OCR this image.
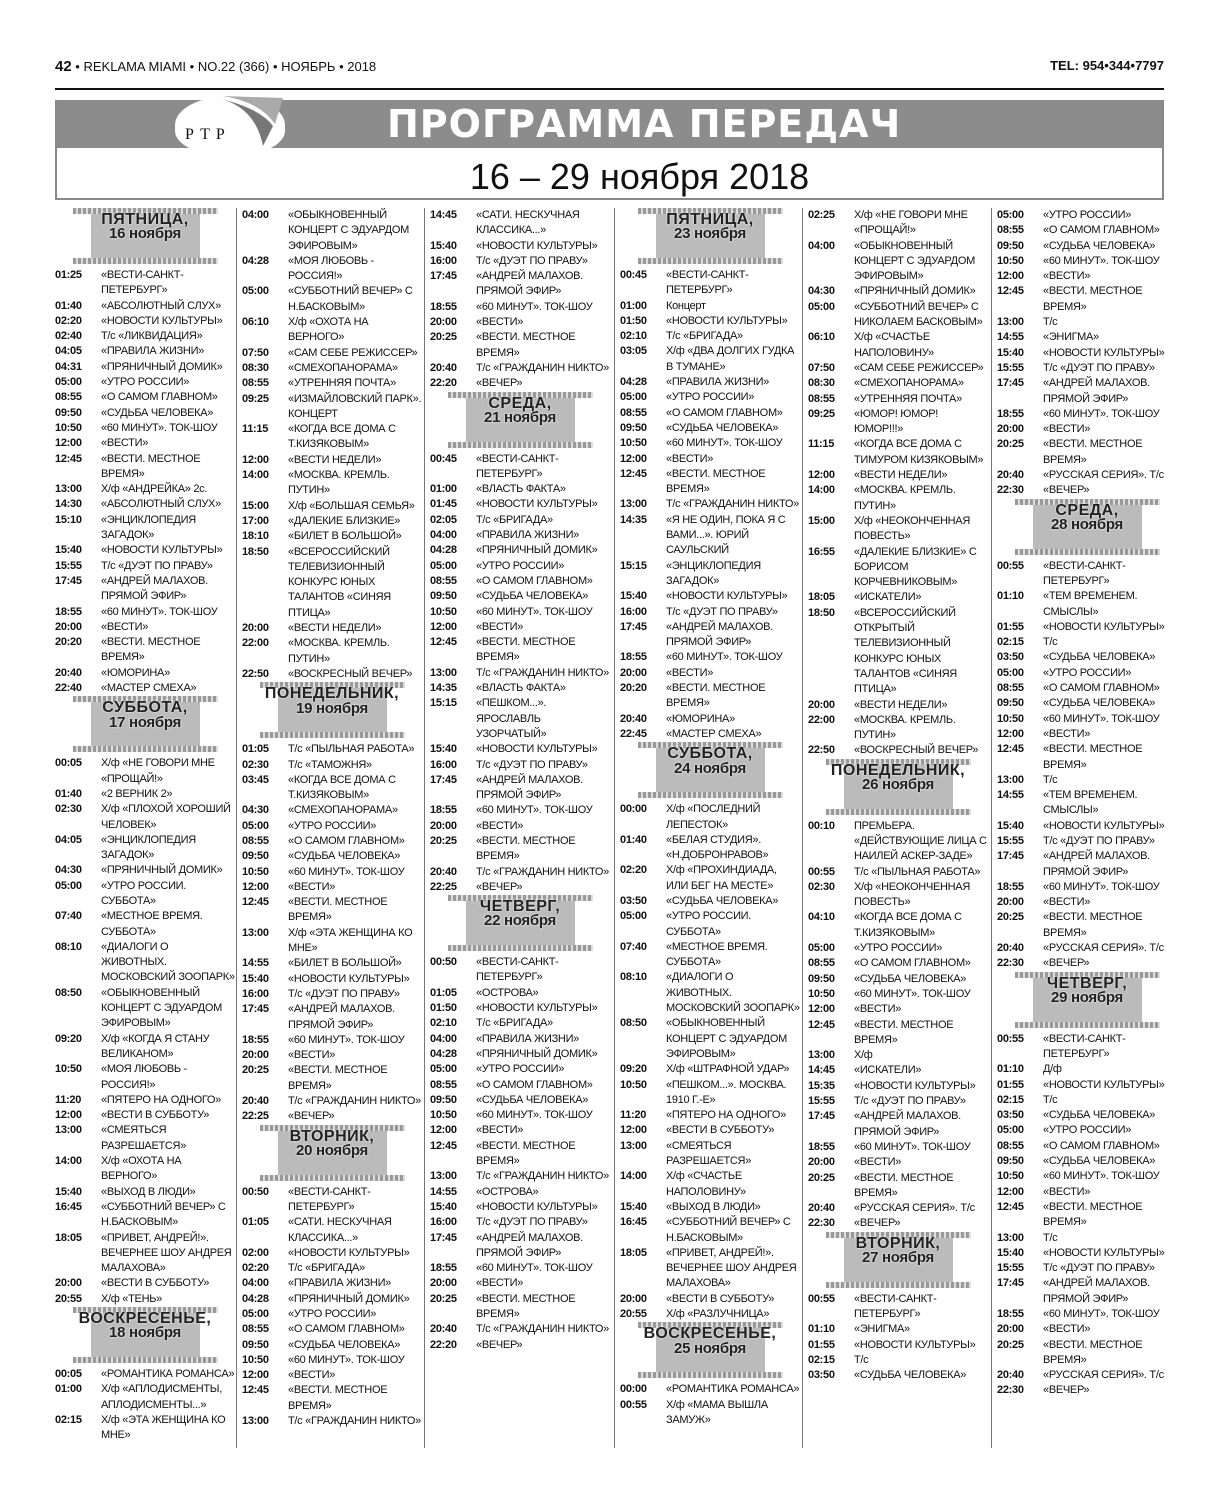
42 • REKLAMA MIAMI • NO.22 (366) • НОЯБРЬ • 2018	TEL: 954•344•7797
РТР	ПРОГРАММА ПЕРЕДАЧ
16 – 29 ноября 2018
ПЯТНИЦА,
16 ноября
01:25	«ВЕСТИ-САНКТ-ПЕТЕРБУРГ»
01:40	«АБСОЛЮТНЫЙ СЛУХ»
02:20	«НОВОСТИ КУЛЬТУРЫ»
02:40	Т/с «ЛИКВИДАЦИЯ»
04:05	«ПРАВИЛА ЖИЗНИ»
04:31	«ПРЯНИЧНЫЙ ДОМИК»
05:00	«УТРО РОССИИ»
08:55	«О САМОМ ГЛАВНОМ»
09:50	«СУДЬБА ЧЕЛОВЕКА»
10:50	«60 МИНУТ». ТОК-ШОУ
12:00	«ВЕСТИ»
12:45	«ВЕСТИ. МЕСТНОЕ ВРЕМЯ»
13:00	Х/ф «АНДРЕЙКА» 2с.
14:30	«АБСОЛЮТНЫЙ СЛУХ»
15:10	«ЭНЦИКЛОПЕДИЯ ЗАГАДОК»
15:40	«НОВОСТИ КУЛЬТУРЫ»
15:55	Т/с «ДУЭТ ПО ПРАВУ»
17:45	«АНДРЕЙ МАЛАХОВ. ПРЯМОЙ ЭФИР»
18:55	«60 МИНУТ». ТОК-ШОУ
20:00	«ВЕСТИ»
20:20	«ВЕСТИ. МЕСТНОЕ ВРЕМЯ»
20:40	«ЮМОРИНА»
22:40	«МАСТЕР СМЕХА»
СУББОТА,
17 ноября
00:05	Х/ф «НЕ ГОВОРИ МНЕ «ПРОЩАЙ!»
01:40	«2 ВЕРНИК 2»
02:30	Х/ф «ПЛОХОЙ ХОРОШИЙ ЧЕЛОВЕК»
04:05	«ЭНЦИКЛОПЕДИЯ ЗАГАДОК»
04:30	«ПРЯНИЧНЫЙ ДОМИК»
05:00	«УТРО РОССИИ. СУББОТА»
07:40	«МЕСТНОЕ ВРЕМЯ. СУББОТА»
08:10	«ДИАЛОГИ О ЖИВОТНЫХ. МОСКОВСКИЙ ЗООПАРК»
08:50	«ОБЫКНОВЕННЫЙ КОНЦЕРТ С ЭДУАРДОМ ЭФИРОВЫМ»
09:20	Х/ф «КОГДА Я СТАНУ ВЕЛИКАНОМ»
10:50	«МОЯ ЛЮБОВЬ - РОССИЯ!»
11:20	«ПЯТЕРО НА ОДНОГО»
12:00	«ВЕСТИ В СУББОТУ»
13:00	«СМЕЯТЬСЯ РАЗРЕШАЕТСЯ»
14:00	Х/ф «ОХОТА НА ВЕРНОГО»
15:40	«ВЫХОД В ЛЮДИ»
16:45	«СУББОТНИЙ ВЕЧЕР» С Н.БАСКОВЫМ»
18:05	«ПРИВЕТ, АНДРЕЙ!». ВЕЧЕРНЕЕ ШОУ АНДРЕЯ МАЛАХОВА»
20:00	«ВЕСТИ В СУББОТУ»
20:55	Х/ф «ТЕНЬ»
ВОСКРЕСЕНЬЕ,
18 ноября
00:05	«РОМАНТИКА РОМАНСА»
01:00	Х/ф «АПЛОДИСМЕНТЫ, АПЛОДИСМЕНТЫ...»
02:15	Х/ф «ЭТА ЖЕНЩИНА КО МНЕ»
04:00	«ОБЫКНОВЕННЫЙ КОНЦЕРТ С ЭДУАРДОМ ЭФИРОВЫМ»
04:28	«МОЯ ЛЮБОВЬ - РОССИЯ!»
05:00	«СУББОТНИЙ ВЕЧЕР» С Н.БАСКОВЫМ»
06:10	Х/ф «ОХОТА НА ВЕРНОГО»
07:50	«САМ СЕБЕ РЕЖИССЕР»
08:30	«СМЕХОПАНОРАМА»
08:55	«УТРЕННЯЯ ПОЧТА»
09:25	«ИЗМАЙЛОВСКИЙ ПАРК». КОНЦЕРТ
11:15	«КОГДА ВСЕ ДОМА С Т.КИЗЯКОВЫМ»
12:00	«ВЕСТИ НЕДЕЛИ»
14:00	«МОСКВА. КРЕМЛЬ. ПУТИН»
15:00	Х/ф «БОЛЬШАЯ СЕМЬЯ»
17:00	«ДАЛЕКИЕ БЛИЗКИЕ»
18:10	«БИЛЕТ В БОЛЬШОЙ»
18:50	«ВСЕРОССИЙСКИЙ ТЕЛЕВИЗИОННЫЙ КОНКУРС ЮНЫХ ТАЛАНТОВ «СИНЯЯ ПТИЦА»
20:00	«ВЕСТИ НЕДЕЛИ»
22:00	«МОСКВА. КРЕМЛЬ. ПУТИН»
22:50	«ВОСКРЕСНЫЙ ВЕЧЕР»
ПОНЕДЕЛЬНИК,
19 ноября
01:05	Т/с «ПЫЛЬНАЯ РАБОТА»
02:30	Т/с «ТАМОЖНЯ»
03:45	«КОГДА ВСЕ ДОМА С Т.КИЗЯКОВЫМ»
04:30	«СМЕХОПАНОРАМА»
05:00	«УТРО РОССИИ»
08:55	«О САМОМ ГЛАВНОМ»
09:50	«СУДЬБА ЧЕЛОВЕКА»
10:50	«60 МИНУТ». ТОК-ШОУ
12:00	«ВЕСТИ»
12:45	«ВЕСТИ. МЕСТНОЕ ВРЕМЯ»
13:00	Х/ф «ЭТА ЖЕНЩИНА КО МНЕ»
14:55	«БИЛЕТ В БОЛЬШОЙ»
15:40	«НОВОСТИ КУЛЬТУРЫ»
16:00	Т/с «ДУЭТ ПО ПРАВУ»
17:45	«АНДРЕЙ МАЛАХОВ. ПРЯМОЙ ЭФИР»
18:55	«60 МИНУТ». ТОК-ШОУ
20:00	«ВЕСТИ»
20:25	«ВЕСТИ. МЕСТНОЕ ВРЕМЯ»
20:40	Т/с «ГРАЖДАНИН НИКТО»
22:25	«ВЕЧЕР»
ВТОРНИК,
20 ноября
00:50	«ВЕСТИ-САНКТ-ПЕТЕРБУРГ»
01:05	«САТИ. НЕСКУЧНАЯ КЛАССИКА...»
02:00	«НОВОСТИ КУЛЬТУРЫ»
02:20	Т/с «БРИГАДА»
04:00	«ПРАВИЛА ЖИЗНИ»
04:28	«ПРЯНИЧНЫЙ ДОМИК»
05:00	«УТРО РОССИИ»
08:55	«О САМОМ ГЛАВНОМ»
09:50	«СУДЬБА ЧЕЛОВЕКА»
10:50	«60 МИНУТ». ТОК-ШОУ
12:00	«ВЕСТИ»
12:45	«ВЕСТИ. МЕСТНОЕ ВРЕМЯ»
13:00	Т/с «ГРАЖДАНИН НИКТО»
14:45	«САТИ. НЕСКУЧНАЯ КЛАССИКА...»
15:40	«НОВОСТИ КУЛЬТУРЫ»
16:00	Т/с «ДУЭТ ПО ПРАВУ»
17:45	«АНДРЕЙ МАЛАХОВ. ПРЯМОЙ ЭФИР»
18:55	«60 МИНУТ». ТОК-ШОУ
20:00	«ВЕСТИ»
20:25	«ВЕСТИ. МЕСТНОЕ ВРЕМЯ»
20:40	Т/с «ГРАЖДАНИН НИКТО»
22:20	«ВЕЧЕР»
СРЕДА,
21 ноября
00:45	«ВЕСТИ-САНКТ-ПЕТЕРБУРГ»
01:00	«ВЛАСТЬ ФАКТА»
01:45	«НОВОСТИ КУЛЬТУРЫ»
02:05	Т/с «БРИГАДА»
04:00	«ПРАВИЛА ЖИЗНИ»
04:28	«ПРЯНИЧНЫЙ ДОМИК»
05:00	«УТРО РОССИИ»
08:55	«О САМОМ ГЛАВНОМ»
09:50	«СУДЬБА ЧЕЛОВЕКА»
10:50	«60 МИНУТ». ТОК-ШОУ
12:00	«ВЕСТИ»
12:45	«ВЕСТИ. МЕСТНОЕ ВРЕМЯ»
13:00	Т/с «ГРАЖДАНИН НИКТО»
14:35	«ВЛАСТЬ ФАКТА»
15:15	«ПЕШКОМ...». ЯРОСЛАВЛЬ УЗОРЧАТЫЙ»
15:40	«НОВОСТИ КУЛЬТУРЫ»
16:00	Т/с «ДУЭТ ПО ПРАВУ»
17:45	«АНДРЕЙ МАЛАХОВ. ПРЯМОЙ ЭФИР»
18:55	«60 МИНУТ». ТОК-ШОУ
20:00	«ВЕСТИ»
20:25	«ВЕСТИ. МЕСТНОЕ ВРЕМЯ»
20:40	Т/с «ГРАЖДАНИН НИКТО»
22:25	«ВЕЧЕР»
ЧЕТВЕРГ,
22 ноября
00:50	«ВЕСТИ-САНКТ-ПЕТЕРБУРГ»
01:05	«ОСТРОВА»
01:50	«НОВОСТИ КУЛЬТУРЫ»
02:10	Т/с «БРИГАДА»
04:00	«ПРАВИЛА ЖИЗНИ»
04:28	«ПРЯНИЧНЫЙ ДОМИК»
05:00	«УТРО РОССИИ»
08:55	«О САМОМ ГЛАВНОМ»
09:50	«СУДЬБА ЧЕЛОВЕКА»
10:50	«60 МИНУТ». ТОК-ШОУ
12:00	«ВЕСТИ»
12:45	«ВЕСТИ. МЕСТНОЕ ВРЕМЯ»
13:00	Т/с «ГРАЖДАНИН НИКТО»
14:55	«ОСТРОВА»
15:40	«НОВОСТИ КУЛЬТУРЫ»
16:00	Т/с «ДУЭТ ПО ПРАВУ»
17:45	«АНДРЕЙ МАЛАХОВ. ПРЯМОЙ ЭФИР»
18:55	«60 МИНУТ». ТОК-ШОУ
20:00	«ВЕСТИ»
20:25	«ВЕСТИ. МЕСТНОЕ ВРЕМЯ»
20:40	Т/с «ГРАЖДАНИН НИКТО»
22:20	«ВЕЧЕР»
ПЯТНИЦА,
23 ноября
00:45	«ВЕСТИ-САНКТ-ПЕТЕРБУРГ»
01:00	Концерт
01:50	«НОВОСТИ КУЛЬТУРЫ»
02:10	Т/с «БРИГАДА»
03:05	Х/ф «ДВА ДОЛГИХ ГУДКА В ТУМАНЕ»
04:28	«ПРАВИЛА ЖИЗНИ»
05:00	«УТРО РОССИИ»
08:55	«О САМОМ ГЛАВНОМ»
09:50	«СУДЬБА ЧЕЛОВЕКА»
10:50	«60 МИНУТ». ТОК-ШОУ
12:00	«ВЕСТИ»
12:45	«ВЕСТИ. МЕСТНОЕ ВРЕМЯ»
13:00	Т/с «ГРАЖДАНИН НИКТО»
14:35	«Я НЕ ОДИН, ПОКА Я С ВАМИ...». ЮРИЙ САУЛЬСКИЙ
15:15	«ЭНЦИКЛОПЕДИЯ ЗАГАДОК»
15:40	«НОВОСТИ КУЛЬТУРЫ»
16:00	Т/с «ДУЭТ ПО ПРАВУ»
17:45	«АНДРЕЙ МАЛАХОВ. ПРЯМОЙ ЭФИР»
18:55	«60 МИНУТ». ТОК-ШОУ
20:00	«ВЕСТИ»
20:20	«ВЕСТИ. МЕСТНОЕ ВРЕМЯ»
20:40	«ЮМОРИНА»
22:45	«МАСТЕР СМЕХА»
СУББОТА,
24 ноября
00:00	Х/ф «ПОСЛЕДНИЙ ЛЕПЕСТОК»
01:40	«БЕЛАЯ СТУДИЯ». «Н.ДОБРОНРАВОВ»
02:20	Х/ф «ПРОХИНДИАДА, ИЛИ БЕГ НА МЕСТЕ»
03:50	«СУДЬБА ЧЕЛОВЕКА»
05:00	«УТРО РОССИИ. СУББОТА»
07:40	«МЕСТНОЕ ВРЕМЯ. СУББОТА»
08:10	«ДИАЛОГИ О ЖИВОТНЫХ. МОСКОВСКИЙ ЗООПАРК»
08:50	«ОБЫКНОВЕННЫЙ КОНЦЕРТ С ЭДУАРДОМ ЭФИРОВЫМ»
09:20	Х/ф «ШТРАФНОЙ УДАР»
10:50	«ПЕШКОМ...». МОСКВА. 1910 Г.-Е»
11:20	«ПЯТЕРО НА ОДНОГО»
12:00	«ВЕСТИ В СУББОТУ»
13:00	«СМЕЯТЬСЯ РАЗРЕШАЕТСЯ»
14:00	Х/ф «СЧАСТЬЕ НАПОЛОВИНУ»
15:40	«ВЫХОД В ЛЮДИ»
16:45	«СУББОТНИЙ ВЕЧЕР» С Н.БАСКОВЫМ»
18:05	«ПРИВЕТ, АНДРЕЙ!». ВЕЧЕРНЕЕ ШОУ АНДРЕЯ МАЛАХОВА»
20:00	«ВЕСТИ В СУББОТУ»
20:55	Х/ф «РАЗЛУЧНИЦА»
ВОСКРЕСЕНЬЕ,
25 ноября
00:00	«РОМАНТИКА РОМАНСА»
00:55	Х/ф «МАМА ВЫШЛА ЗАМУЖ»
02:25	Х/ф «НЕ ГОВОРИ МНЕ «ПРОЩАЙ!»
04:00	«ОБЫКНОВЕННЫЙ КОНЦЕРТ С ЭДУАРДОМ ЭФИРОВЫМ»
04:30	«ПРЯНИЧНЫЙ ДОМИК»
05:00	«СУББОТНИЙ ВЕЧЕР» С НИКОЛАЕМ БАСКОВЫМ»
06:10	Х/ф «СЧАСТЬЕ НАПОЛОВИНУ»
07:50	«САМ СЕБЕ РЕЖИССЕР»
08:30	«СМЕХОПАНОРАМА»
08:55	«УТРЕННЯЯ ПОЧТА»
09:25	«ЮМОР! ЮМОР! ЮМОР!!!»
11:15	«КОГДА ВСЕ ДОМА С ТИМУРОМ КИЗЯКОВЫМ»
12:00	«ВЕСТИ НЕДЕЛИ»
14:00	«МОСКВА. КРЕМЛЬ. ПУТИН»
15:00	Х/ф «НЕОКОНЧЕННАЯ ПОВЕСТЬ»
16:55	«ДАЛЕКИЕ БЛИЗКИЕ» С БОРИСОМ КОРЧЕВНИКОВЫМ»
18:05	«ИСКАТЕЛИ»
18:50	«ВСЕРОССИЙСКИЙ ОТКРЫТЫЙ ТЕЛЕВИЗИОННЫЙ КОНКУРС ЮНЫХ ТАЛАНТОВ «СИНЯЯ ПТИЦА»
20:00	«ВЕСТИ НЕДЕЛИ»
22:00	«МОСКВА. КРЕМЛЬ. ПУТИН»
22:50	«ВОСКРЕСНЫЙ ВЕЧЕР»
ПОНЕДЕЛЬНИК,
26 ноября
00:10	ПРЕМЬЕРА. «ДЕЙСТВУЮЩИЕ ЛИЦА С НАИЛЕЙ АСКЕР-ЗАДЕ»
00:55	Т/с «ПЫЛЬНАЯ РАБОТА»
02:30	Х/ф «НЕОКОНЧЕННАЯ ПОВЕСТЬ»
04:10	«КОГДА ВСЕ ДОМА С Т.КИЗЯКОВЫМ»
05:00	«УТРО РОССИИ»
08:55	«О САМОМ ГЛАВНОМ»
09:50	«СУДЬБА ЧЕЛОВЕКА»
10:50	«60 МИНУТ». ТОК-ШОУ
12:00	«ВЕСТИ»
12:45	«ВЕСТИ. МЕСТНОЕ ВРЕМЯ»
13:00	Х/ф
14:45	«ИСКАТЕЛИ»
15:35	«НОВОСТИ КУЛЬТУРЫ»
15:55	Т/с «ДУЭТ ПО ПРАВУ»
17:45	«АНДРЕЙ МАЛАХОВ. ПРЯМОЙ ЭФИР»
18:55	«60 МИНУТ». ТОК-ШОУ
20:00	«ВЕСТИ»
20:25	«ВЕСТИ. МЕСТНОЕ ВРЕМЯ»
20:40	«РУССКАЯ СЕРИЯ». Т/с
22:30	«ВЕЧЕР»
ВТОРНИК,
27 ноября
00:55	«ВЕСТИ-САНКТ-ПЕТЕРБУРГ»
01:10	«ЭНИГМА»
01:55	«НОВОСТИ КУЛЬТУРЫ»
02:15	Т/с
03:50	«СУДЬБА ЧЕЛОВЕКА»
05:00	«УТРО РОССИИ»
08:55	«О САМОМ ГЛАВНОМ»
09:50	«СУДЬБА ЧЕЛОВЕКА»
10:50	«60 МИНУТ». ТОК-ШОУ
12:00	«ВЕСТИ»
12:45	«ВЕСТИ. МЕСТНОЕ ВРЕМЯ»
13:00	Т/с
14:55	«ЭНИГМА»
15:40	«НОВОСТИ КУЛЬТУРЫ»
15:55	Т/с «ДУЭТ ПО ПРАВУ»
17:45	«АНДРЕЙ МАЛАХОВ. ПРЯМОЙ ЭФИР»
18:55	«60 МИНУТ». ТОК-ШОУ
20:00	«ВЕСТИ»
20:25	«ВЕСТИ. МЕСТНОЕ ВРЕМЯ»
20:40	«РУССКАЯ СЕРИЯ». Т/с
22:30	«ВЕЧЕР»
СРЕДА,
28 ноября
00:55	«ВЕСТИ-САНКТ-ПЕТЕРБУРГ»
01:10	«ТЕМ ВРЕМЕНЕМ. СМЫСЛЫ»
01:55	«НОВОСТИ КУЛЬТУРЫ»
02:15	Т/с
03:50	«СУДЬБА ЧЕЛОВЕКА»
05:00	«УТРО РОССИИ»
08:55	«О САМОМ ГЛАВНОМ»
09:50	«СУДЬБА ЧЕЛОВЕКА»
10:50	«60 МИНУТ». ТОК-ШОУ
12:00	«ВЕСТИ»
12:45	«ВЕСТИ. МЕСТНОЕ ВРЕМЯ»
13:00	Т/с
14:55	«ТЕМ ВРЕМЕНЕМ. СМЫСЛЫ»
15:40	«НОВОСТИ КУЛЬТУРЫ»
15:55	Т/с «ДУЭТ ПО ПРАВУ»
17:45	«АНДРЕЙ МАЛАХОВ. ПРЯМОЙ ЭФИР»
18:55	«60 МИНУТ». ТОК-ШОУ
20:00	«ВЕСТИ»
20:25	«ВЕСТИ. МЕСТНОЕ ВРЕМЯ»
20:40	«РУССКАЯ СЕРИЯ». Т/с
22:30	«ВЕЧЕР»
ЧЕТВЕРГ,
29 ноября
00:55	«ВЕСТИ-САНКТ-ПЕТЕРБУРГ»
01:10	Д/ф
01:55	«НОВОСТИ КУЛЬТУРЫ»
02:15	Т/с
03:50	«СУДЬБА ЧЕЛОВЕКА»
05:00	«УТРО РОССИИ»
08:55	«О САМОМ ГЛАВНОМ»
09:50	«СУДЬБА ЧЕЛОВЕКА»
10:50	«60 МИНУТ». ТОК-ШОУ
12:00	«ВЕСТИ»
12:45	«ВЕСТИ. МЕСТНОЕ ВРЕМЯ»
13:00	Т/с
15:40	«НОВОСТИ КУЛЬТУРЫ»
15:55	Т/с «ДУЭТ ПО ПРАВУ»
17:45	«АНДРЕЙ МАЛАХОВ. ПРЯМОЙ ЭФИР»
18:55	«60 МИНУТ». ТОК-ШОУ
20:00	«ВЕСТИ»
20:25	«ВЕСТИ. МЕСТНОЕ ВРЕМЯ»
20:40	«РУССКАЯ СЕРИЯ». Т/с
22:30	«ВЕЧЕР»
